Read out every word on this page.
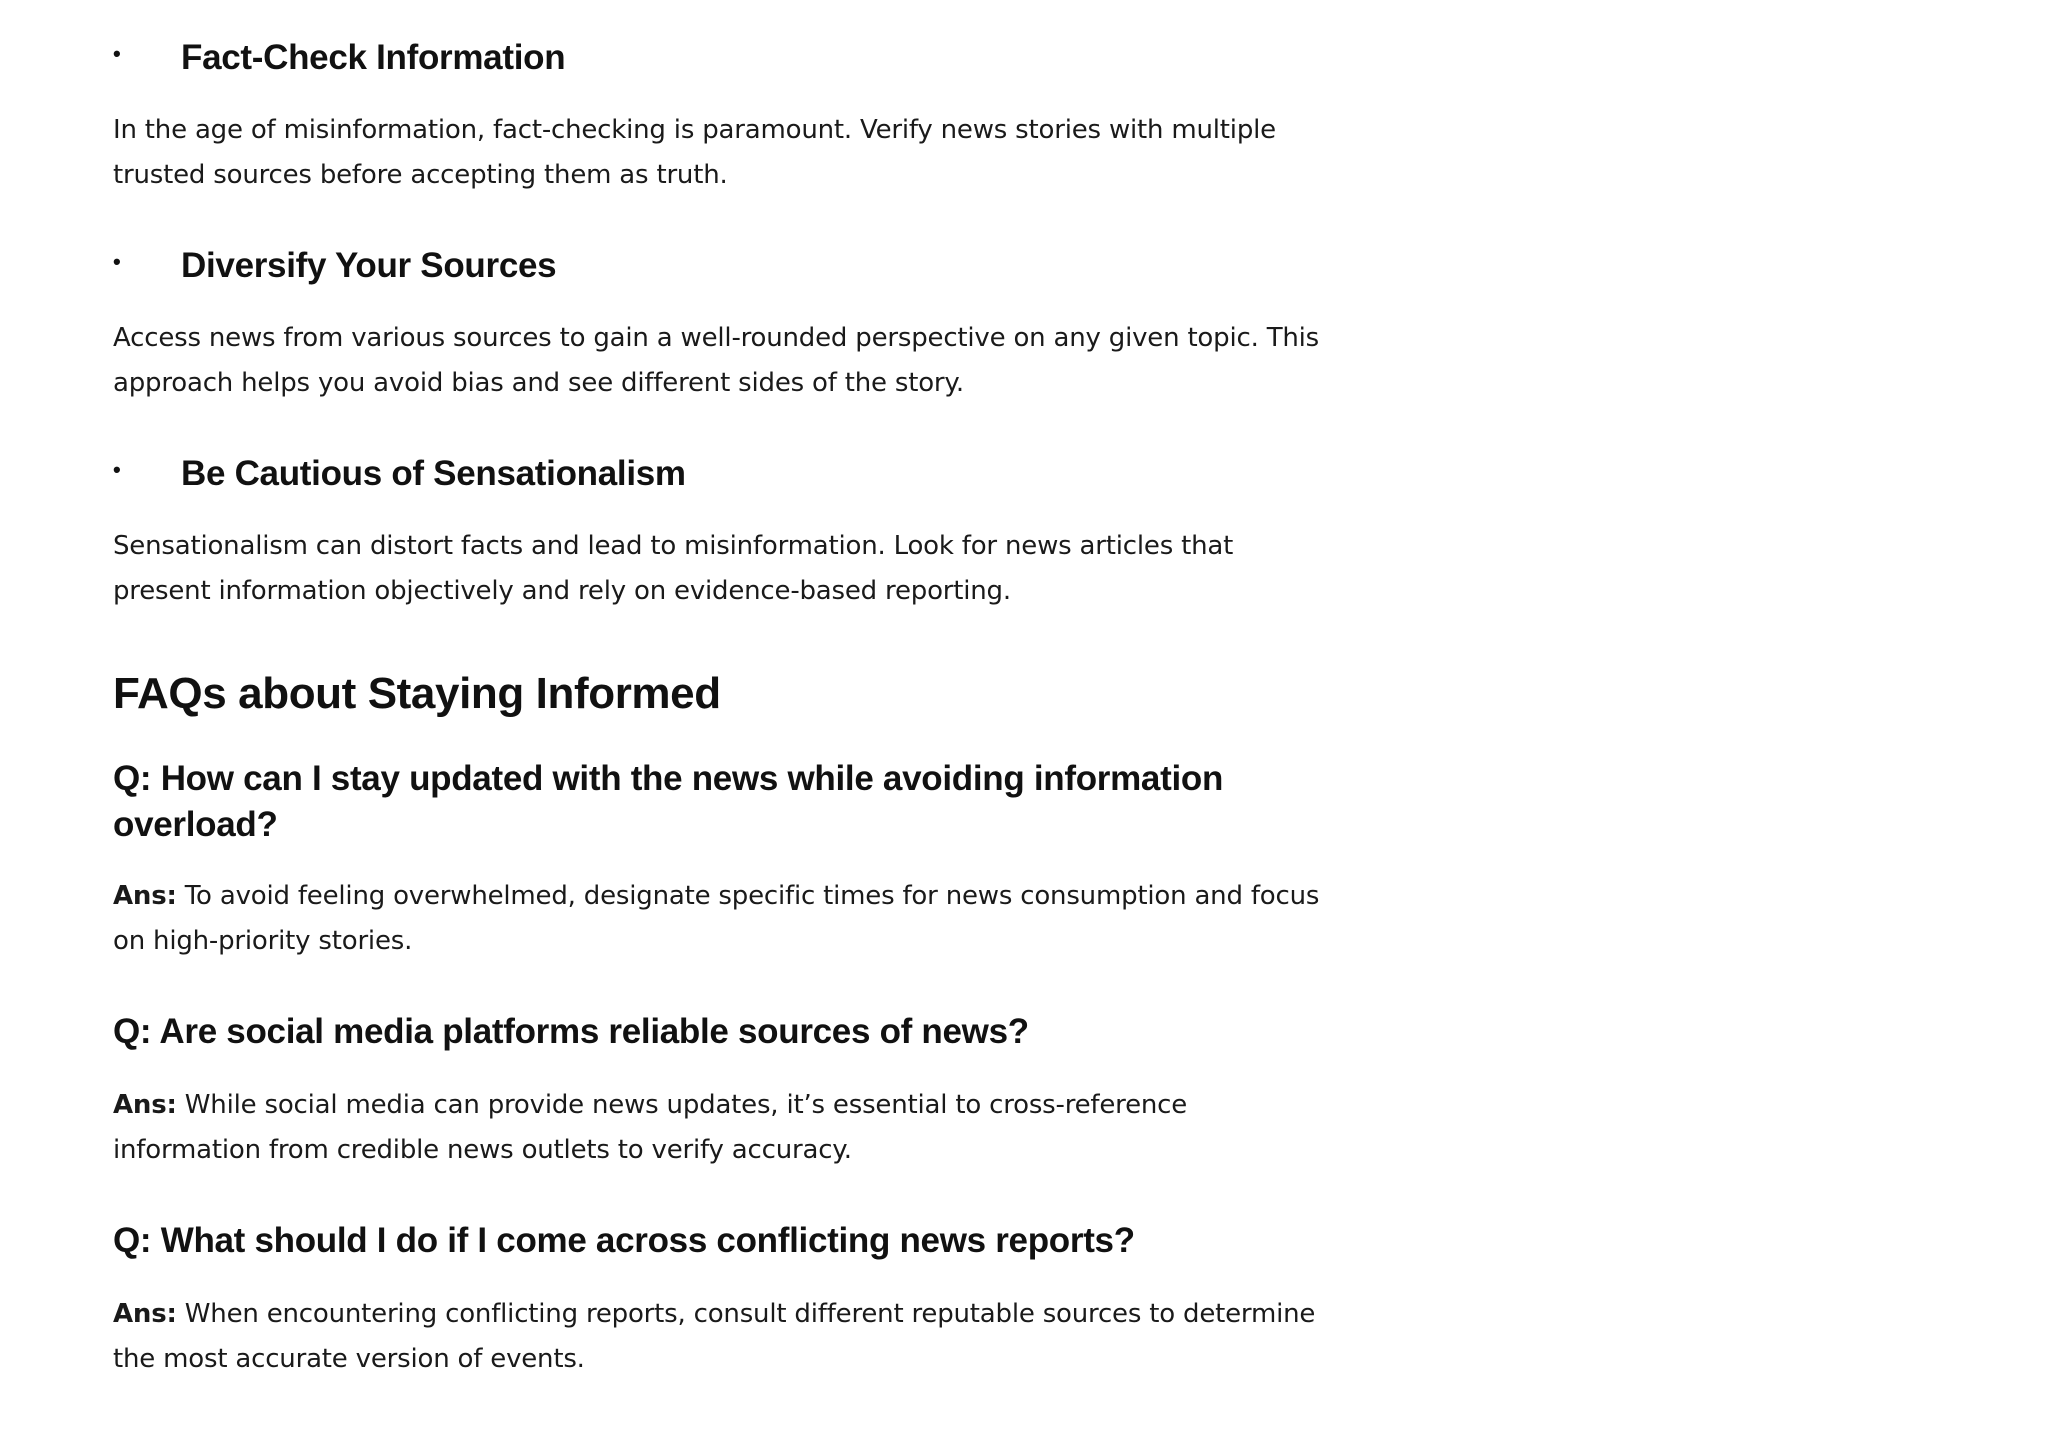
•	Fact-Check Information

In the age of misinformation, fact-checking is paramount. Verify news stories with multiple trusted sources before accepting them as truth.

•	Diversify Your Sources

Access news from various sources to gain a well-rounded perspective on any given topic. This approach helps you avoid bias and see different sides of the story.

•	Be Cautious of Sensationalism

Sensationalism can distort facts and lead to misinformation. Look for news articles that present information objectively and rely on evidence-based reporting.

FAQs about Staying Informed
Q: How can I stay updated with the news while avoiding information overload?

Ans: To avoid feeling overwhelmed, designate specific times for news consumption and focus on high-priority stories.

Q: Are social media platforms reliable sources of news?

Ans: While social media can provide news updates, it’s essential to cross-reference information from credible news outlets to verify accuracy.

Q: What should I do if I come across conflicting news reports?

Ans: When encountering conflicting reports, consult different reputable sources to determine the most accurate version of events.
